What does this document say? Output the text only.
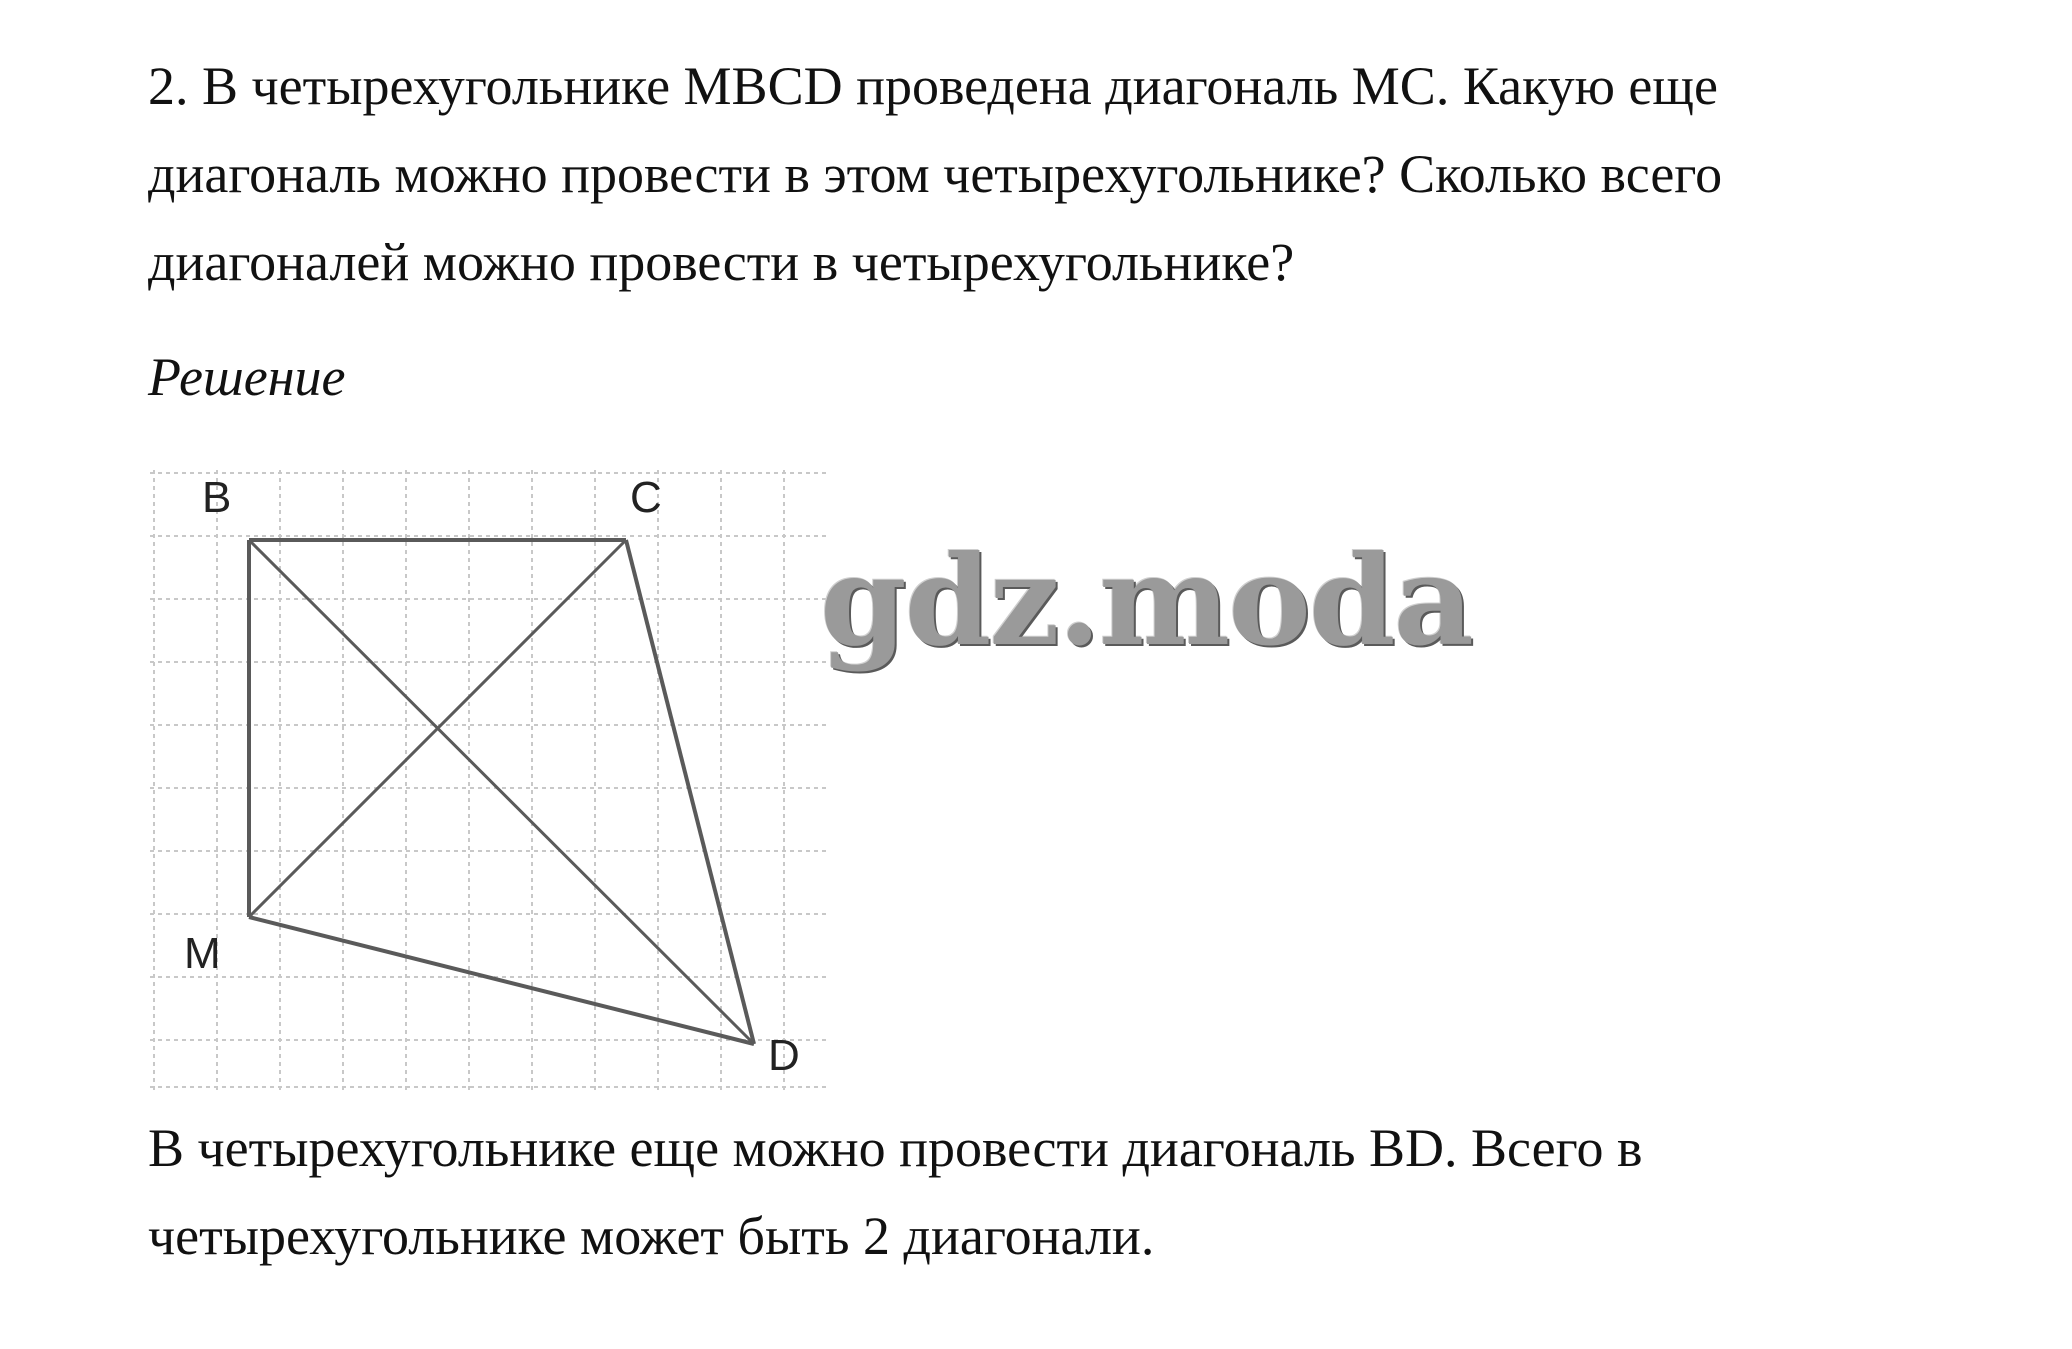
2. В четырехугольнике MBCD проведена диагональ MC. Какую еще
диагональ можно провести в этом четырехугольнике? Сколько всего
диагоналей можно провести в четырехугольнике?
Решение
B	C
M
D
gdz.moda
В четырехугольнике еще можно провести диагональ BD. Всего в
четырехугольнике может быть 2 диагонали.
